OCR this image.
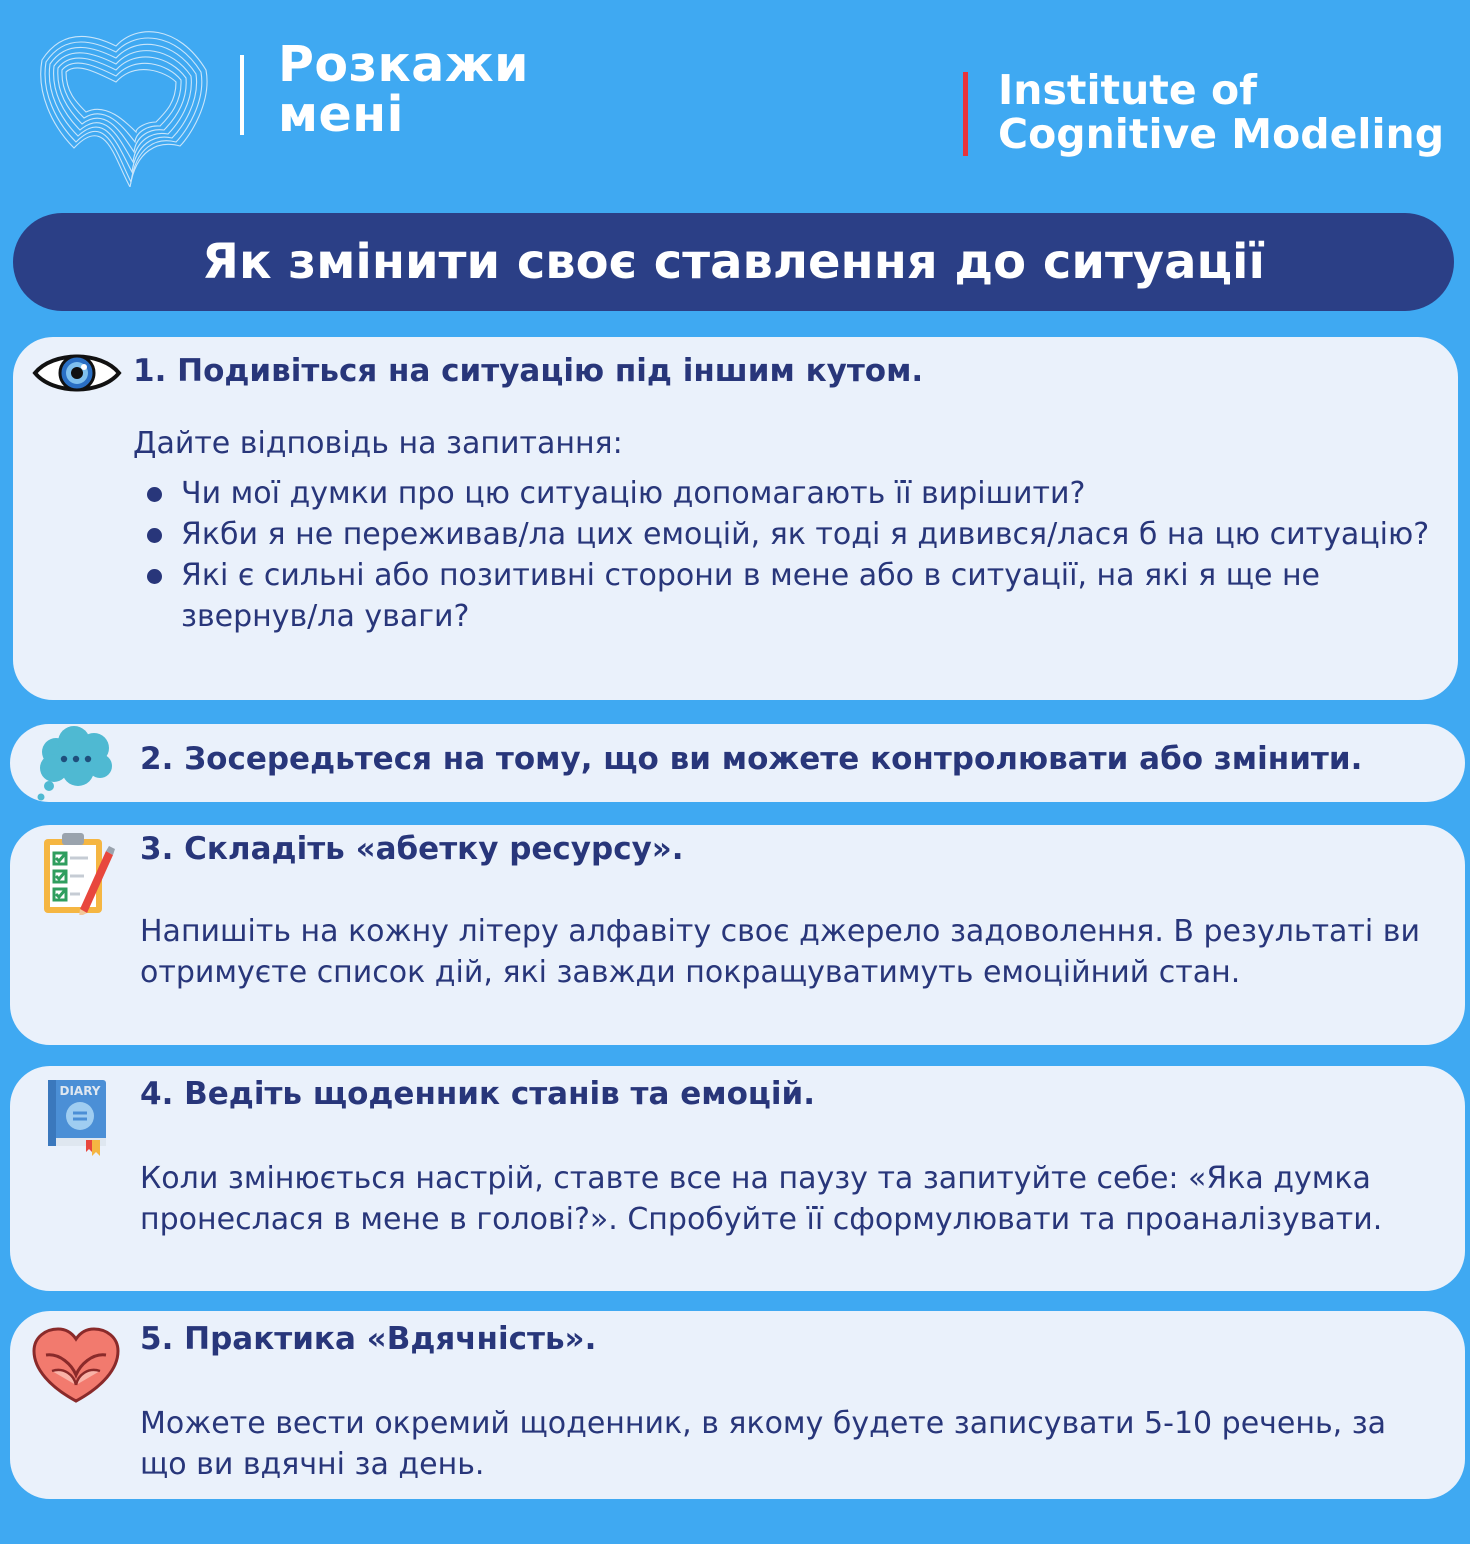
Розкажи
мені	Institute of
Cognitive Modeling
Як змінити своє ставлення до ситуації
1. Подивіться на ситуацію під іншим кутом.
Дайте відповідь на запитання:
Чи мої думки про цю ситуацію допомагають її вирішити?
Якби я не переживав/ла цих емоцій, як тоді я дивився/лася б на цю ситуацію?
Які є сильні або позитивні сторони в мене або в ситуації, на які я ще не звернув/ла уваги?
2. Зосередьтеся на тому, що ви можете контролювати або змінити.
3. Складіть «абетку ресурсу».
Напишіть на кожну літеру алфавіту своє джерело задоволення. В результаті ви отримуєте список дій, які завжди покращуватимуть емоційний стан.
DIARY 4. Ведіть щоденник станів та емоцій.
Коли змінюється настрій, ставте все на паузу та запитуйте себе: «Яка думка пронеслася в мене в голові?». Спробуйте її сформулювати та проаналізувати.
5. Практика «Вдячність».
Можете вести окремий щоденник, в якому будете записувати 5-10 речень, за що ви вдячні за день.
